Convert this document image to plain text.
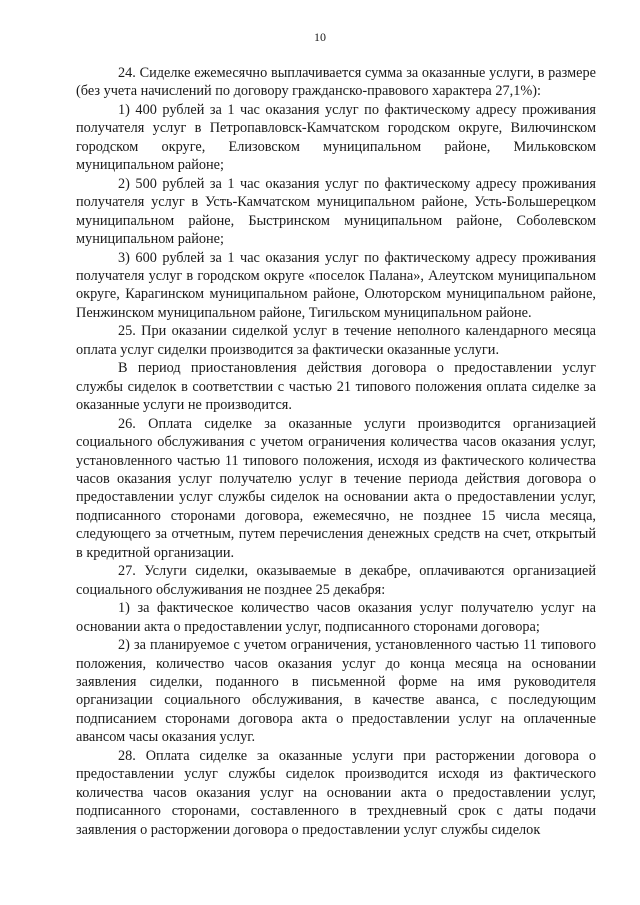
10

24. Сиделке ежемесячно выплачивается сумма за оказанные услуги, в размере (без учета начислений по договору гражданско-правового характера 27,1%):

1) 400 рублей за 1 час оказания услуг по фактическому адресу проживания получателя услуг в Петропавловск-Камчатском городском округе, Вилючинском городском округе, Елизовском муниципальном районе, Мильковском муниципальном районе;

2) 500 рублей за 1 час оказания услуг по фактическому адресу проживания получателя услуг в Усть-Камчатском муниципальном районе, Усть-Большерецком муниципальном районе, Быстринском муниципальном районе, Соболевском муниципальном районе;

3) 600 рублей за 1 час оказания услуг по фактическому адресу проживания получателя услуг в городском округе «поселок Палана», Алеутском муниципальном округе, Карагинском муниципальном районе, Олюторском муниципальном районе, Пенжинском муниципальном районе, Тигильском муниципальном районе.

25. При оказании сиделкой услуг в течение неполного календарного месяца оплата услуг сиделки производится за фактически оказанные услуги.

В период приостановления действия договора о предоставлении услуг службы сиделок в соответствии с частью 21 типового положения оплата сиделке за оказанные услуги не производится.

26. Оплата сиделке за оказанные услуги производится организацией социального обслуживания с учетом ограничения количества часов оказания услуг, установленного частью 11 типового положения, исходя из фактического количества часов оказания услуг получателю услуг в течение периода действия договора о предоставлении услуг службы сиделок на основании акта о предоставлении услуг, подписанного сторонами договора, ежемесячно, не позднее 15 числа месяца, следующего за отчетным, путем перечисления денежных средств на счет, открытый в кредитной организации.

27. Услуги сиделки, оказываемые в декабре, оплачиваются организацией социального обслуживания не позднее 25 декабря:

1) за фактическое количество часов оказания услуг получателю услуг на основании акта о предоставлении услуг, подписанного сторонами договора;

2) за планируемое с учетом ограничения, установленного частью 11 типового положения, количество часов оказания услуг до конца месяца на основании заявления сиделки, поданного в письменной форме на имя руководителя организации социального обслуживания, в качестве аванса, с последующим подписанием сторонами договора акта о предоставлении услуг на оплаченные авансом часы оказания услуг.

28. Оплата сиделке за оказанные услуги при расторжении договора о предоставлении услуг службы сиделок производится исходя из фактического количества часов оказания услуг на основании акта о предоставлении услуг, подписанного сторонами, составленного в трехдневный срок с даты подачи заявления о расторжении договора о предоставлении услуг службы сиделок
